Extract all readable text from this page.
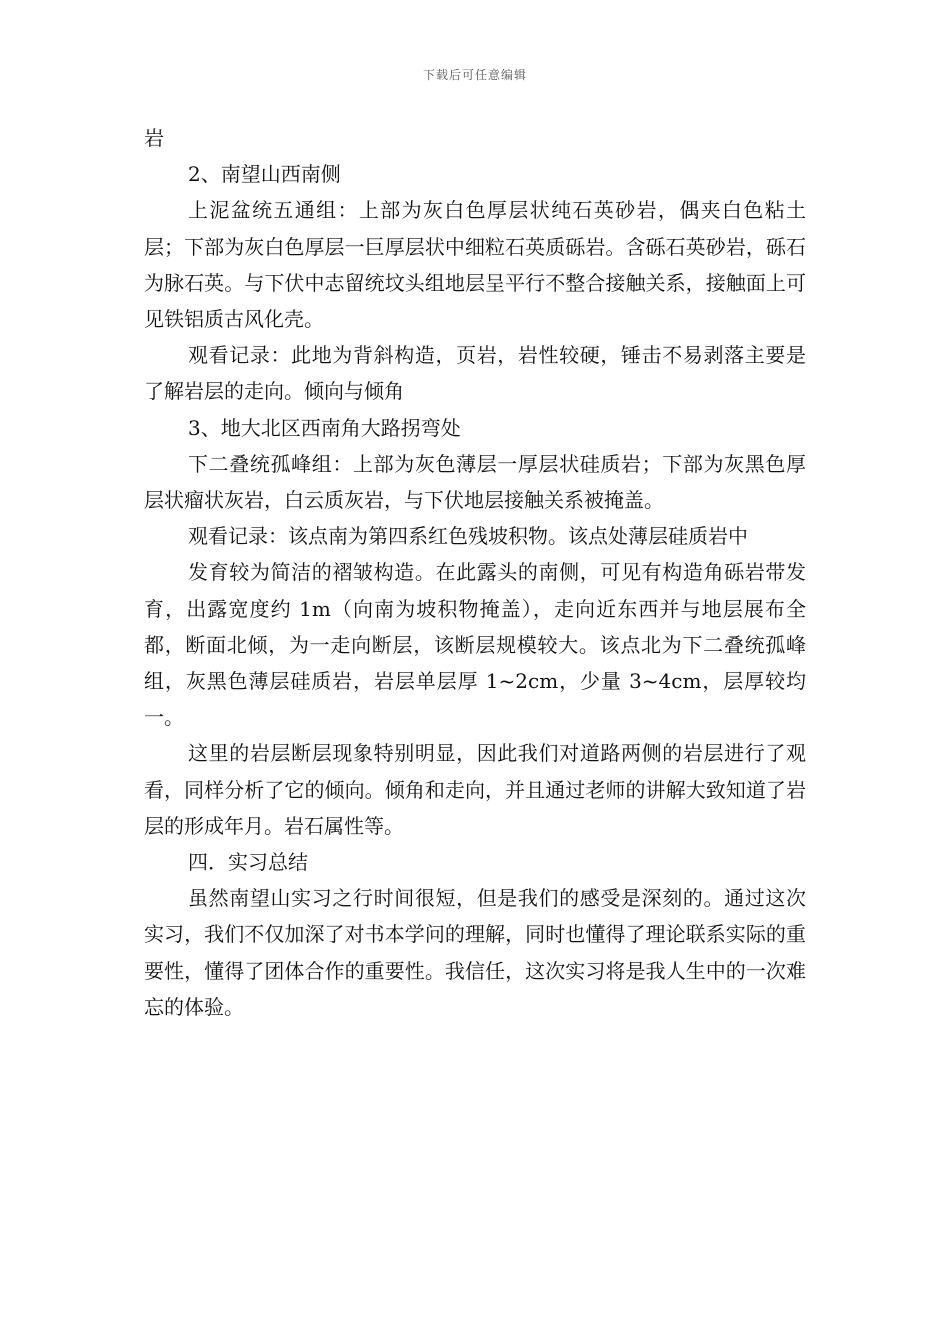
下载后可任意编辑

岩

2、南望山西南侧

上泥盆统五通组：上部为灰白色厚层状纯石英砂岩，偶夹白色粘土层；下部为灰白色厚层一巨厚层状中细粒石英质砾岩。含砾石英砂岩，砾石为脉石英。与下伏中志留统坟头组地层呈平行不整合接触关系，接触面上可见铁铝质古风化壳。

观看记录：此地为背斜构造，页岩，岩性较硬，锤击不易剥落主要是了解岩层的走向。倾向与倾角

3、地大北区西南角大路拐弯处

下二叠统孤峰组：上部为灰色薄层一厚层状硅质岩；下部为灰黑色厚层状瘤状灰岩，白云质灰岩，与下伏地层接触关系被掩盖。

观看记录：该点南为第四系红色残坡积物。该点处薄层硅质岩中

发育较为简洁的褶皱构造。在此露头的南侧，可见有构造角砾岩带发育，出露宽度约 1m（向南为坡积物掩盖），走向近东西并与地层展布全都，断面北倾，为一走向断层，该断层规模较大。该点北为下二叠统孤峰组，灰黑色薄层硅质岩，岩层单层厚 1~2cm，少量 3~4cm，层厚较均一。

这里的岩层断层现象特别明显，因此我们对道路两侧的岩层进行了观看，同样分析了它的倾向。倾角和走向，并且通过老师的讲解大致知道了岩层的形成年月。岩石属性等。

四．实习总结

虽然南望山实习之行时间很短，但是我们的感受是深刻的。通过这次实习，我们不仅加深了对书本学问的理解，同时也懂得了理论联系实际的重要性，懂得了团体合作的重要性。我信任，这次实习将是我人生中的一次难忘的体验。
